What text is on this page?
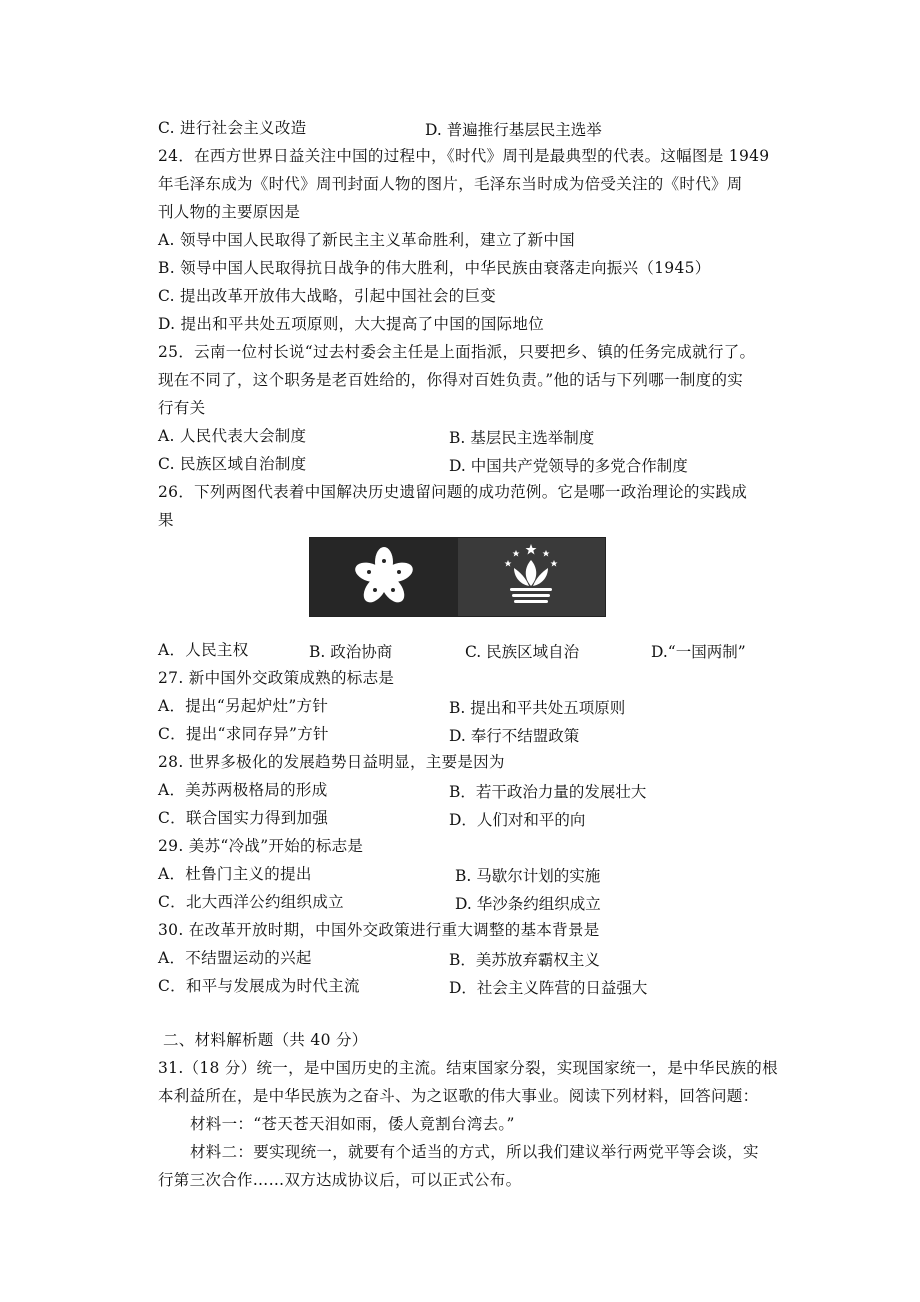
C. 进行社会主义改造	D. 普遍推行基层民主选举
24．在西方世界日益关注中国的过程中，《时代》周刊是最典型的代表。这幅图是 1949
年毛泽东成为《时代》周刊封面人物的图片，毛泽东当时成为倍受关注的《时代》周
刊人物的主要原因是
A. 领导中国人民取得了新民主主义革命胜利，建立了新中国
B. 领导中国人民取得抗日战争的伟大胜利，中华民族由衰落走向振兴（1945）
C. 提出改革开放伟大战略，引起中国社会的巨变
D. 提出和平共处五项原则，大大提高了中国的国际地位
25．云南一位村长说“过去村委会主任是上面指派，只要把乡、镇的任务完成就行了。
现在不同了，这个职务是老百姓给的，你得对百姓负责。”他的话与下列哪一制度的实
行有关
A. 人民代表大会制度	B. 基层民主选举制度
C. 民族区域自治制度	D. 中国共产党领导的多党合作制度
26．下列两图代表着中国解决历史遗留问题的成功范例。它是哪一政治理论的实践成
果
A．人民主权	B. 政治协商	C. 民族区域自治	D.“一国两制”
27. 新中国外交政策成熟的标志是
A．提出“另起炉灶”方针	B. 提出和平共处五项原则
C．提出“求同存异”方针	D. 奉行不结盟政策
28. 世界多极化的发展趋势日益明显，主要是因为
A．美苏两极格局的形成	B．若干政治力量的发展壮大
C．联合国实力得到加强	D．人们对和平的向
29. 美苏“冷战”开始的标志是
A．杜鲁门主义的提出	B. 马歇尔计划的实施
C．北大西洋公约组织成立	D. 华沙条约组织成立
30. 在改革开放时期，中国外交政策进行重大调整的基本背景是
A．不结盟运动的兴起	B．美苏放弃霸权主义
C．和平与发展成为时代主流	D．社会主义阵营的日益强大
二、材料解析题（共 40 分）
31.（18 分）统一，是中国历史的主流。结束国家分裂，实现国家统一，是中华民族的根
本利益所在，是中华民族为之奋斗、为之讴歌的伟大事业。阅读下列材料，回答问题：
材料一：“苍天苍天泪如雨，倭人竟割台湾去。”
材料二：要实现统一，就要有个适当的方式，所以我们建议举行两党平等会谈，实
行第三次合作……双方达成协议后，可以正式公布。
